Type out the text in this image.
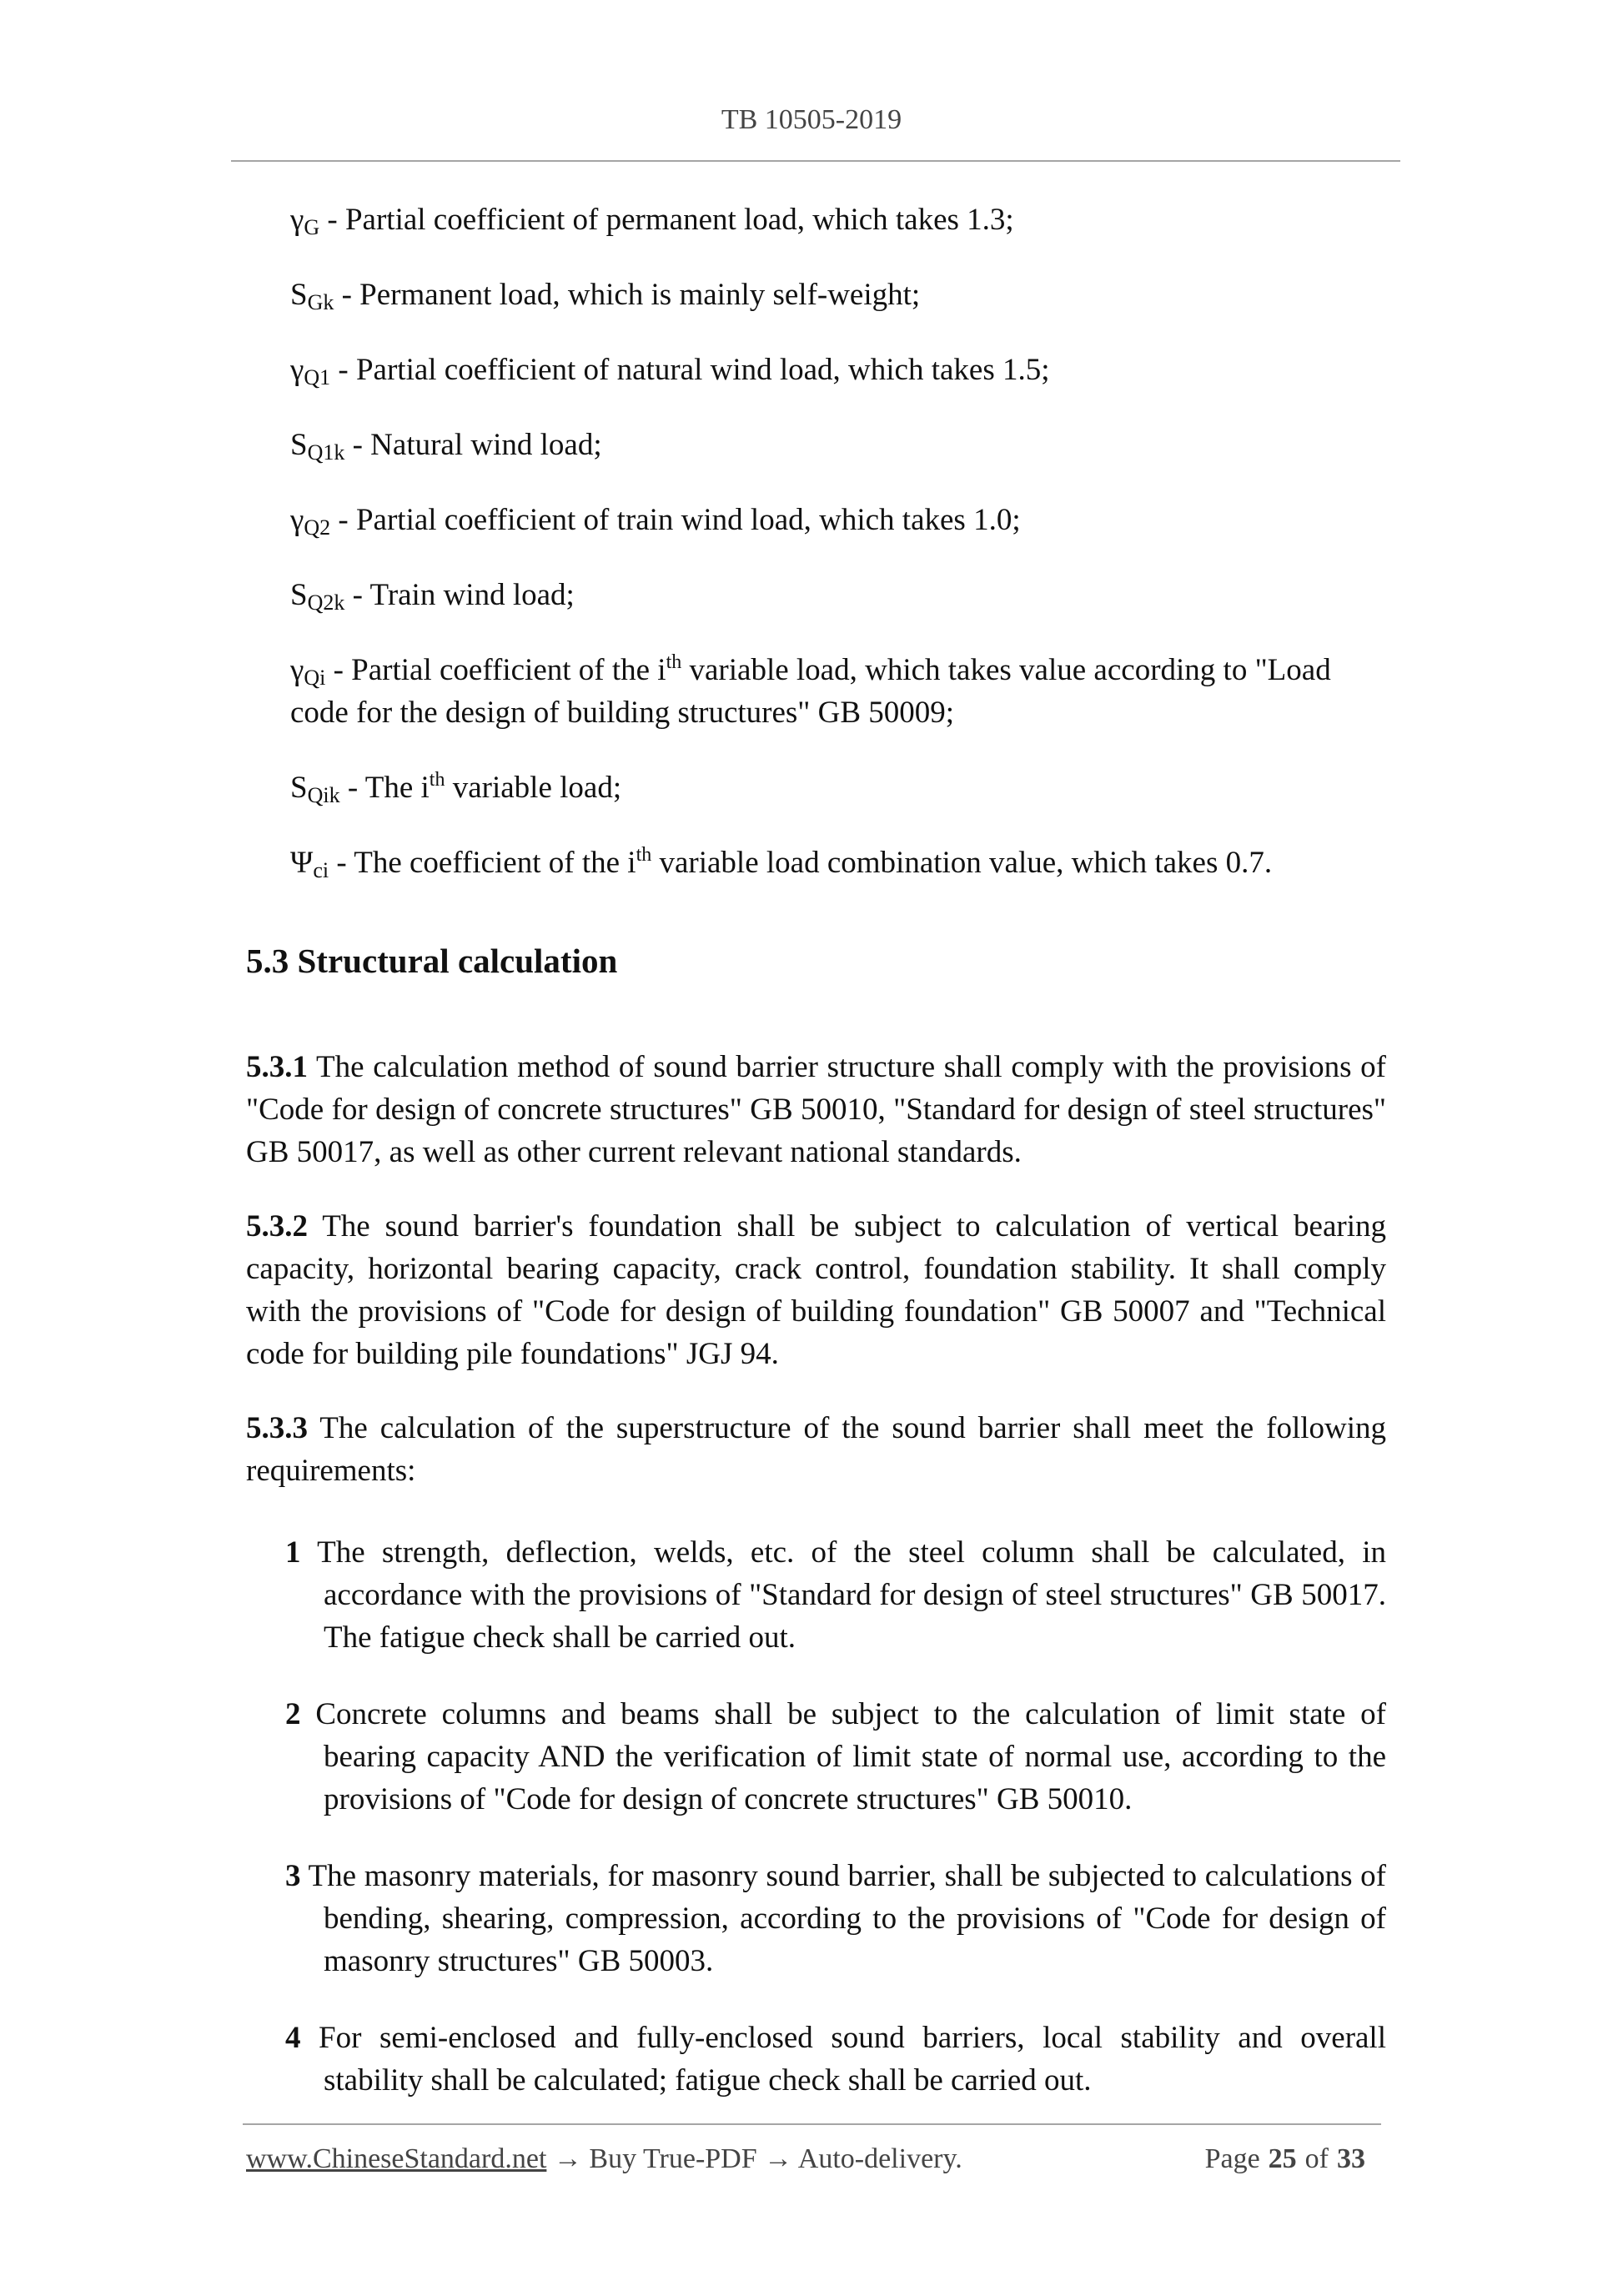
TB 10505-2019
$\gamma_G$ - Partial coefficient of permanent load, which takes 1.3;
$S_{Gk}$ - Permanent load, which is mainly self-weight;
$\gamma_{Q1}$ - Partial coefficient of natural wind load, which takes 1.5;
$S_{Q1k}$ - Natural wind load;
$\gamma_{Q2}$ - Partial coefficient of train wind load, which takes 1.0;
$S_{Q2k}$ - Train wind load;
$\gamma_{Qi}$ - Partial coefficient of the $i^{th}$ variable load, which takes value according to "Load code for the design of building structures" GB 50009;
$S_{Qik}$ - The $i^{th}$ variable load;
$\Psi_{ci}$ - The coefficient of the $i^{th}$ variable load combination value, which takes 0.7.
5.3 Structural calculation
5.3.1 The calculation method of sound barrier structure shall comply with the provisions of "Code for design of concrete structures" GB 50010, "Standard for design of steel structures" GB 50017, as well as other current relevant national standards.
5.3.2 The sound barrier's foundation shall be subject to calculation of vertical bearing capacity, horizontal bearing capacity, crack control, foundation stability. It shall comply with the provisions of "Code for design of building foundation" GB 50007 and "Technical code for building pile foundations" JGJ 94.
5.3.3 The calculation of the superstructure of the sound barrier shall meet the following requirements:
1 The strength, deflection, welds, etc. of the steel column shall be calculated, in accordance with the provisions of "Standard for design of steel structures" GB 50017. The fatigue check shall be carried out.
2 Concrete columns and beams shall be subject to the calculation of limit state of bearing capacity AND the verification of limit state of normal use, according to the provisions of "Code for design of concrete structures" GB 50010.
3 The masonry materials, for masonry sound barrier, shall be subjected to calculations of bending, shearing, compression, according to the provisions of "Code for design of masonry structures" GB 50003.
4 For semi-enclosed and fully-enclosed sound barriers, local stability and overall stability shall be calculated; fatigue check shall be carried out.
www.ChineseStandard.net → Buy True-PDF → Auto-delivery.	Page 25 of 33
